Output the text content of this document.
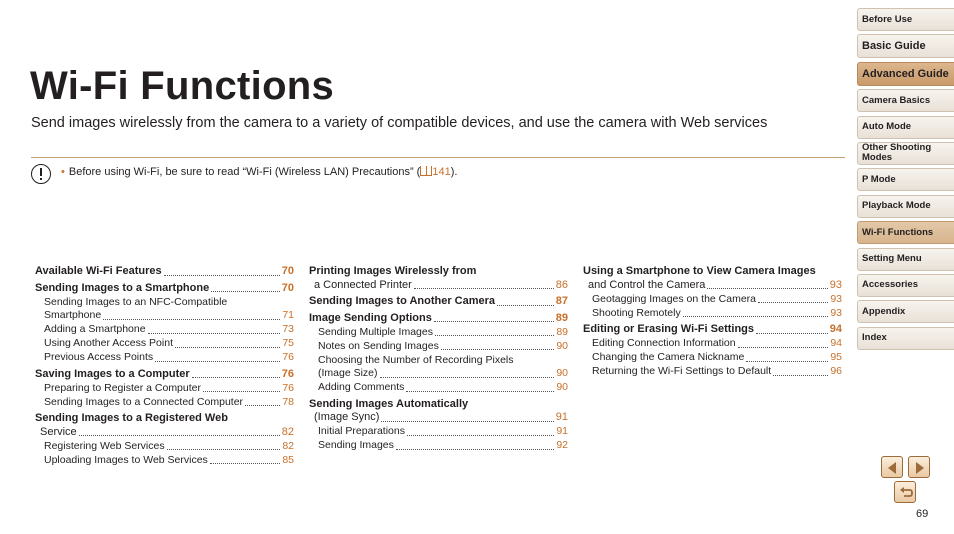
Wi-Fi Functions

Send images wirelessly from the camera to a variety of compatible devices, and use the camera with Web services

• Before using Wi-Fi, be sure to read “Wi-Fi (Wireless LAN) Precautions” ( 141).
Available Wi-Fi Features	70
Sending Images to a Smartphone	70
Sending Images to an NFC-Compatible
Smartphone	71
Adding a Smartphone	73
Using Another Access Point	75
Previous Access Points	76
Saving Images to a Computer	76
Preparing to Register a Computer	76
Sending Images to a Connected Computer	78
Sending Images to a Registered Web
Service	82
Registering Web Services	82
Uploading Images to Web Services	85
Printing Images Wirelessly from
a Connected Printer	86
Sending Images to Another Camera	87
Image Sending Options	89
Sending Multiple Images	89
Notes on Sending Images	90
Choosing the Number of Recording Pixels
(Image Size)	90
Adding Comments	90
Sending Images Automatically
(Image Sync)	91
Initial Preparations	91
Sending Images	92
Using a Smartphone to View Camera Images
and Control the Camera	93
Geotagging Images on the Camera	93
Shooting Remotely	93
Editing or Erasing Wi-Fi Settings	94
Editing Connection Information	94
Changing the Camera Nickname	95
Returning the Wi-Fi Settings to Default	96
Before Use
Basic Guide
Advanced Guide
Camera Basics
Auto Mode
Other Shooting Modes
P Mode
Playback Mode
Wi-Fi Functions
Setting Menu
Accessories
Appendix
Index
69
